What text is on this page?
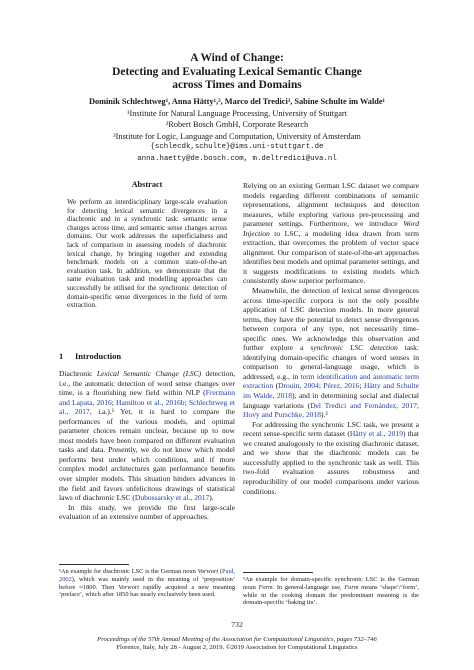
A Wind of Change:
Detecting and Evaluating Lexical Semantic Change
across Times and Domains
Dominik Schlechtweg¹, Anna Hätty¹,², Marco del Tredici³, Sabine Schulte im Walde¹
¹Institute for Natural Language Processing, University of Stuttgart
²Robert Bosch GmbH, Corporate Research
³Institute for Logic, Language and Computation, University of Amsterdam
{schlecdk,schulte}@ims.uni-stuttgart.de
anna.haetty@de.bosch.com, m.deltredici@uva.nl
Abstract
We perform an interdisciplinary large-scale evaluation for detecting lexical semantic divergences in a diachronic and in a synchronic task: semantic sense changes across time, and semantic sense changes across domains. Our work addresses the superficialness and lack of comparison in assessing models of diachronic lexical change, by bringing together and extending benchmark models on a common state-of-the-art evaluation task. In addition, we demonstrate that the same evaluation task and modelling approaches can successfully be utilised for the synchronic detection of domain-specific sense divergences in the field of term extraction.
1 Introduction

Diachronic Lexical Semantic Change (LSC) detection, i.e., the automatic detection of word sense changes over time, is a flourishing new field within NLP (Frermann and Lapata, 2016; Hamilton et al., 2016b; Schlechtweg et al., 2017, i.a.).¹ Yet, it is hard to compare the performances of the various models, and optimal parameter choices remain unclear, because up to now most models have been compared on different evaluation tasks and data. Presently, we do not know which model performs best under which conditions, and if more complex model architectures gain performance benefits over simpler models. This situation hinders advances in the field and favors unfelicitous drawings of statistical laws of diachronic LSC (Dubossarsky et al., 2017).

In this study, we provide the first large-scale evaluation of an extensive number of approaches.

¹An example for diachronic LSC is the German noun Vorwort (Paul, 2002), which was mainly used in the meaning of ‘preposition’ before ≈1800. Then Vorwort rapidly acquired a new meaning ‘preface’, which after 1850 has nearly exclusively been used.

Relying on an existing German LSC dataset we compare models regarding different combinations of semantic representations, alignment techniques and detection measures, while exploring various pre-processing and parameter settings. Furthermore, we introduce Word Injection to LSC, a modeling idea drawn from term extraction, that overcomes the problem of vector space alignment. Our comparison of state-of-the-art approaches identifies best models and optimal parameter settings, and it suggests modifications to existing models which consistently show superior performance.

Meanwhile, the detection of lexical sense divergences across time-specific corpora is not the only possible application of LSC detection models. In more general terms, they have the potential to detect sense divergences between corpora of any type, not necessarily time-specific ones. We acknowledge this observation and further explore a synchronic LSC detection task: identifying domain-specific changes of word senses in comparison to general-language usage, which is addressed, e.g., in term identification and automatic term extraction (Drouin, 2004; Pérez, 2016; Hätty and Schulte im Walde, 2018), and in determining social and dialectal language variations (Del Tredici and Fernández, 2017; Hovy and Purschke, 2018).²

For addressing the synchronic LSC task, we present a recent sense-specific term dataset (Hätty et al., 2019) that we created analogously to the existing diachronic dataset, and we show that the diachronic models can be successfully applied to the synchronic task as well. This two-fold evaluation assures robustness and reproducibility of our model comparisons under various conditions.

²An example for domain-specific synchronic LSC is the German noun Form. In general-language use, Form means ‘shape’/‘form’, while in the cooking domain the predominant meaning is the domain-specific ‘baking tin’.
732
Proceedings of the 57th Annual Meeting of the Association for Computational Linguistics, pages 732–746
Florence, Italy, July 28 - August 2, 2019. ©2019 Association for Computational Linguistics
